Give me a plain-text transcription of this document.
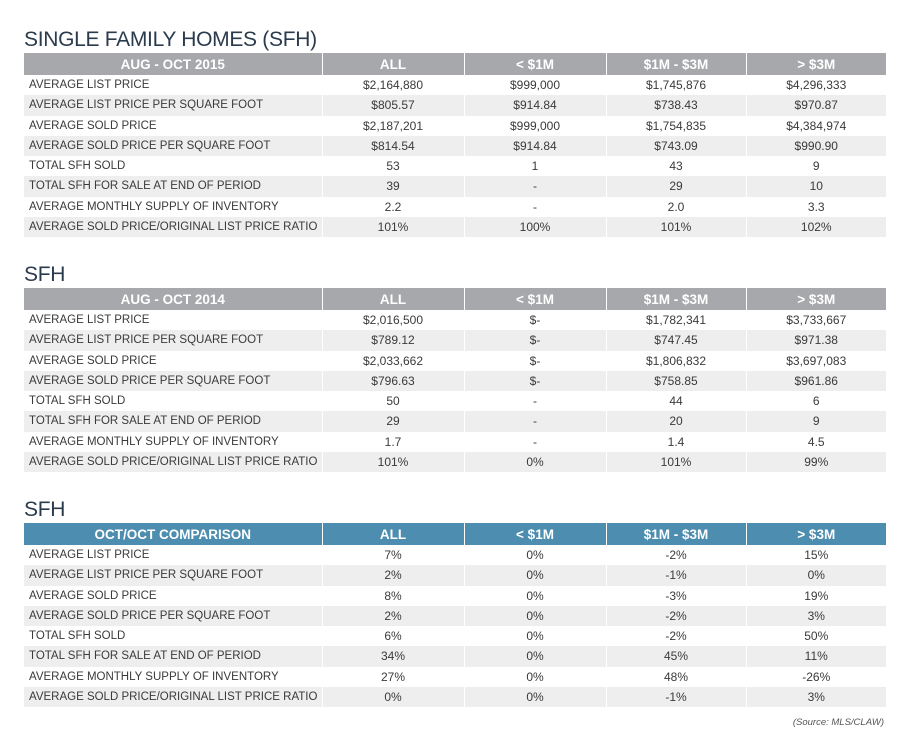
SINGLE FAMILY HOMES (SFH)
AUG - OCT 2015	ALL	< $1M	$1M - $3M	> $3M
AVERAGE LIST PRICE	$2,164,880	$999,000	$1,745,876	$4,296,333
AVERAGE LIST PRICE PER SQUARE FOOT	$805.57	$914.84	$738.43	$970.87
AVERAGE SOLD PRICE	$2,187,201	$999,000	$1,754,835	$4,384,974
AVERAGE SOLD PRICE PER SQUARE FOOT	$814.54	$914.84	$743.09	$990.90
TOTAL SFH SOLD	53	1	43	9
TOTAL SFH FOR SALE AT END OF PERIOD	39	-	29	10
AVERAGE MONTHLY SUPPLY OF INVENTORY	2.2	-	2.0	3.3
AVERAGE SOLD PRICE/ORIGINAL LIST PRICE RATIO	101%	100%	101%	102%
SFH
AUG - OCT 2014	ALL	< $1M	$1M - $3M	> $3M
AVERAGE LIST PRICE	$2,016,500	$-	$1,782,341	$3,733,667
AVERAGE LIST PRICE PER SQUARE FOOT	$789.12	$-	$747.45	$971.38
AVERAGE SOLD PRICE	$2,033,662	$-	$1,806,832	$3,697,083
AVERAGE SOLD PRICE PER SQUARE FOOT	$796.63	$-	$758.85	$961.86
TOTAL SFH SOLD	50	-	44	6
TOTAL SFH FOR SALE AT END OF PERIOD	29	-	20	9
AVERAGE MONTHLY SUPPLY OF INVENTORY	1.7	-	1.4	4.5
AVERAGE SOLD PRICE/ORIGINAL LIST PRICE RATIO	101%	0%	101%	99%
SFH
OCT/OCT COMPARISON	ALL	< $1M	$1M - $3M	> $3M
AVERAGE LIST PRICE	7%	0%	-2%	15%
AVERAGE LIST PRICE PER SQUARE FOOT	2%	0%	-1%	0%
AVERAGE SOLD PRICE	8%	0%	-3%	19%
AVERAGE SOLD PRICE PER SQUARE FOOT	2%	0%	-2%	3%
TOTAL SFH SOLD	6%	0%	-2%	50%
TOTAL SFH FOR SALE AT END OF PERIOD	34%	0%	45%	11%
AVERAGE MONTHLY SUPPLY OF INVENTORY	27%	0%	48%	-26%
AVERAGE SOLD PRICE/ORIGINAL LIST PRICE RATIO	0%	0%	-1%	3%
(Source: MLS/CLAW)
